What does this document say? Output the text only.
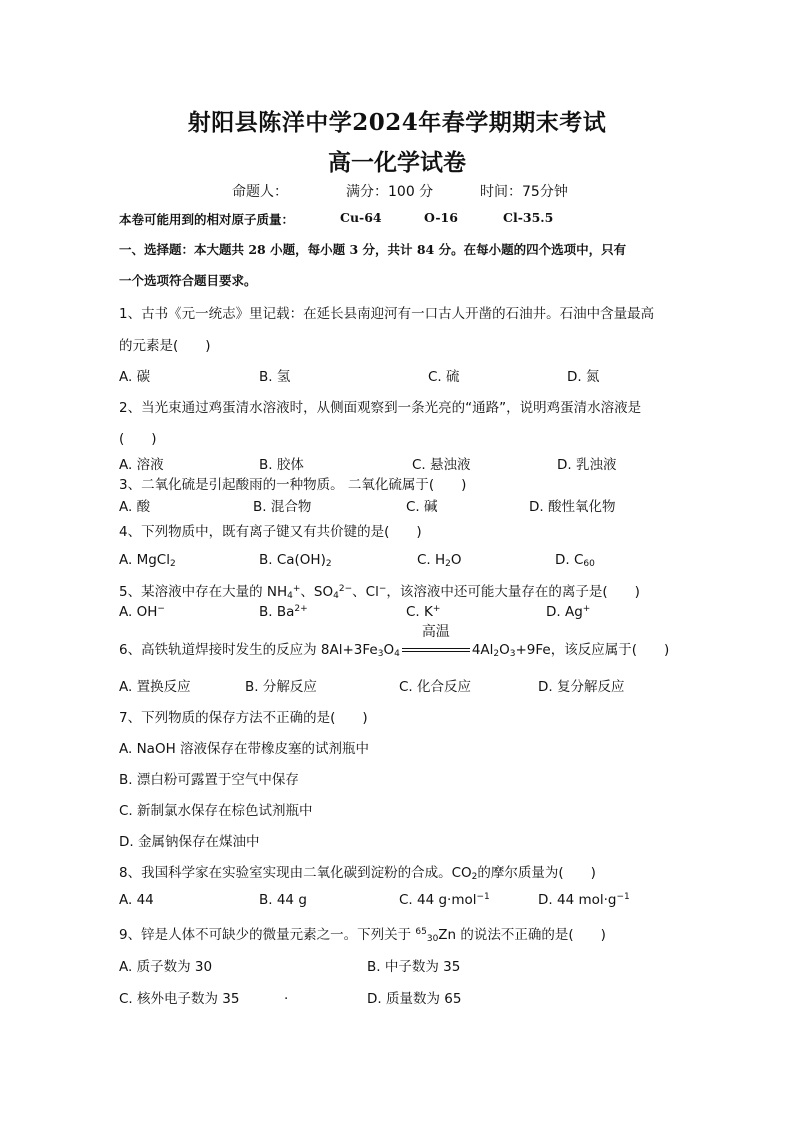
射阳县陈洋中学2024年春学期期末考试
高一化学试卷
命题人：	满分：100 分	时间：75分钟
本卷可能用到的相对原子质量：	Cu-64	O-16	Cl-35.5
一、选择题：本大题共 28 小题，每小题 3 分，共计 84 分。在每小题的四个选项中，只有
一个选项符合题目要求。
1、古书《元一统志》里记载：在延长县南迎河有一口古人开凿的石油井。石油中含量最高
的元素是(　　)
A. 碳	B. 氢	C. 硫	D. 氮
2、当光束通过鸡蛋清水溶液时，从侧面观察到一条光亮的“通路”，说明鸡蛋清水溶液是
(　　)
A. 溶液	B. 胶体	C. 悬浊液	D. 乳浊液
3、二氧化硫是引起酸雨的一种物质。 二氧化硫属于(　　)
A. 酸	B. 混合物	C. 碱	D. 酸性氧化物
4、下列物质中，既有离子键又有共价键的是(　　)
A. MgCl$_2$	B. $Ca(OH)_2$	C. $H_2O$	D. $C_{60}$
5、某溶液中存在大量的 $NH_4^+$、$SO_4^{2-}$、Cl−，该溶液中还可能大量存在的离子是(　　)
A. OH−	B. $Ba^{2+}$	C. K+	D. Ag+
6、高铁轨道焊接时发生的反应为 $8Al+3Fe_3O_4$
高温
$4Al_2O_3+9Fe$，该反应属于(　　)
A. 置换反应	B. 分解反应	C. 化合反应	D. 复分解反应
7、下列物质的保存方法不正确的是(　　)
A. NaOH 溶液保存在带橡皮塞的试剂瓶中
B. 漂白粉可露置于空气中保存
C. 新制氯水保存在棕色试剂瓶中
D. 金属钠保存在煤油中
8、我国科学家在实验室实现由二氧化碳到淀粉的合成。$CO_2$的摩尔质量为(　　)
A. 44	B. 44 g	C. 44 g·mol$^{-1}$	D. 44 $mol\cdot g^{-1}$
9、锌是人体不可缺少的微量元素之一。下列关于 $^{65}_{30}$Zn 的说法不正确的是(　　)
A. 质子数为 30	B. 中子数为 35
C. 核外电子数为 35	.	D. 质量数为 65
